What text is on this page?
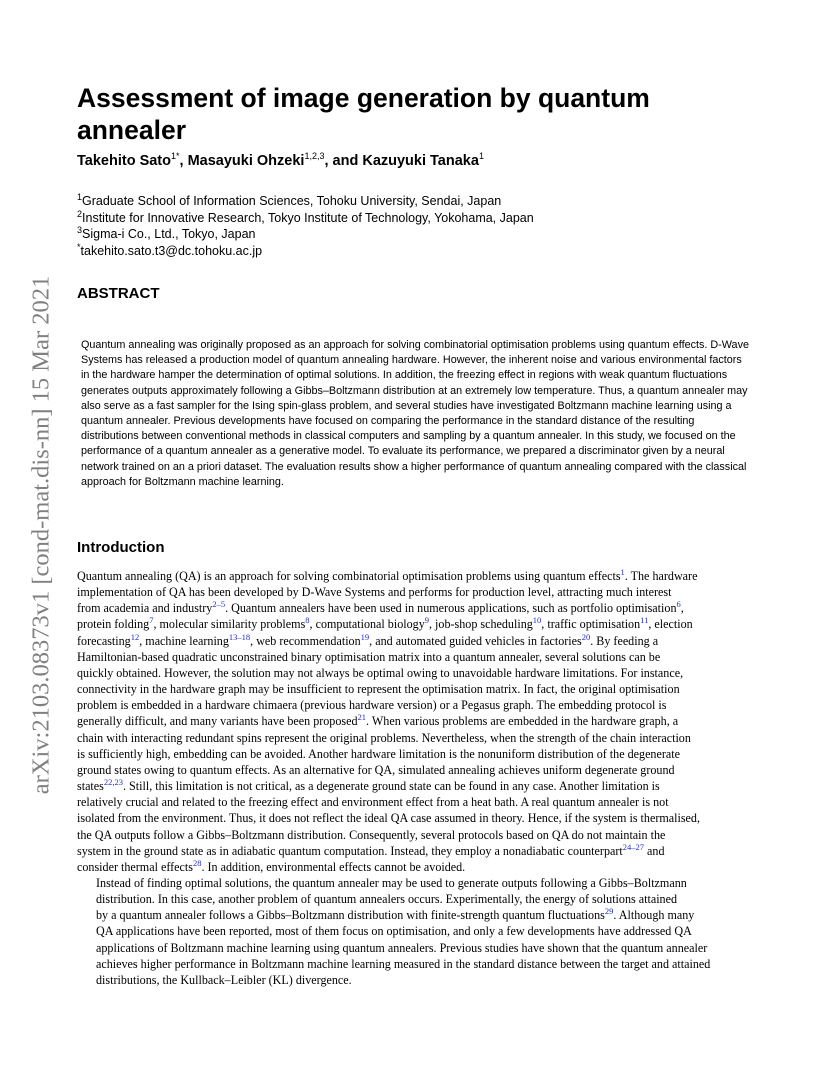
arXiv:2103.08373v1 [cond-mat.dis-nn] 15 Mar 2021
Assessment of image generation by quantum annealer
Takehito Sato$^{1*}$, Masayuki Ohzeki$^{1,2,3}$, and Kazuyuki Tanaka$^1$
$^1$Graduate School of Information Sciences, Tohoku University, Sendai, Japan
$^2$Institute for Innovative Research, Tokyo Institute of Technology, Yokohama, Japan
$^3$Sigma-i Co., Ltd., Tokyo, Japan
*takehito.sato.t3@dc.tohoku.ac.jp
ABSTRACT

Quantum annealing was originally proposed as an approach for solving combinatorial optimisation problems using quantum effects. D-Wave Systems has released a production model of quantum annealing hardware. However, the inherent noise and various environmental factors in the hardware hamper the determination of optimal solutions. In addition, the freezing effect in regions with weak quantum fluctuations generates outputs approximately following a Gibbs–Boltzmann distribution at an extremely low temperature. Thus, a quantum annealer may also serve as a fast sampler for the Ising spin-glass problem, and several studies have investigated Boltzmann machine learning using a quantum annealer. Previous developments have focused on comparing the performance in the standard distance of the resulting distributions between conventional methods in classical computers and sampling by a quantum annealer. In this study, we focused on the performance of a quantum annealer as a generative model. To evaluate its performance, we prepared a discriminator given by a neural network trained on an a priori dataset. The evaluation results show a higher performance of quantum annealing compared with the classical approach for Boltzmann machine learning.

Introduction

Quantum annealing (QA) is an approach for solving combinatorial optimisation problems using quantum effects$^1$. The hardware
implementation of QA has been developed by D-Wave Systems and performs for production level, attracting much interest
from academia and industry$^{2-5}$. Quantum annealers have been used in numerous applications, such as portfolio optimisation$^6$,
protein folding$^7$, molecular similarity problems$^8$, computational biology$^9$, job-shop scheduling$^{10}$, traffic optimisation$^{11}$, election
forecasting$^{12}$, machine learning$^{13-18}$, web recommendation$^{19}$, and automated guided vehicles in factories$^{20}$. By feeding a
Hamiltonian-based quadratic unconstrained binary optimisation matrix into a quantum annealer, several solutions can be
quickly obtained. However, the solution may not always be optimal owing to unavoidable hardware limitations. For instance,
connectivity in the hardware graph may be insufficient to represent the optimisation matrix. In fact, the original optimisation
problem is embedded in a hardware chimaera (previous hardware version) or a Pegasus graph. The embedding protocol is
generally difficult, and many variants have been proposed$^{21}$. When various problems are embedded in the hardware graph, a
chain with interacting redundant spins represent the original problems. Nevertheless, when the strength of the chain interaction
is sufficiently high, embedding can be avoided. Another hardware limitation is the nonuniform distribution of the degenerate
ground states owing to quantum effects. As an alternative for QA, simulated annealing achieves uniform degenerate ground
states$^{22,23}$. Still, this limitation is not critical, as a degenerate ground state can be found in any case. Another limitation is
relatively crucial and related to the freezing effect and environment effect from a heat bath. A real quantum annealer is not
isolated from the environment. Thus, it does not reflect the ideal QA case assumed in theory. Hence, if the system is thermalised,
the QA outputs follow a Gibbs–Boltzmann distribution. Consequently, several protocols based on QA do not maintain the
system in the ground state as in adiabatic quantum computation. Instead, they employ a nonadiabatic counterpart$^{24-27}$ and
consider thermal effects$^{28}$. In addition, environmental effects cannot be avoided.

Instead of finding optimal solutions, the quantum annealer may be used to generate outputs following a Gibbs–Boltzmann
distribution. In this case, another problem of quantum annealers occurs. Experimentally, the energy of solutions attained
by a quantum annealer follows a Gibbs–Boltzmann distribution with finite-strength quantum fluctuations$^{29}$. Although many
QA applications have been reported, most of them focus on optimisation, and only a few developments have addressed QA
applications of Boltzmann machine learning using quantum annealers. Previous studies have shown that the quantum annealer
achieves higher performance in Boltzmann machine learning measured in the standard distance between the target and attained
distributions, the Kullback–Leibler (KL) divergence.
